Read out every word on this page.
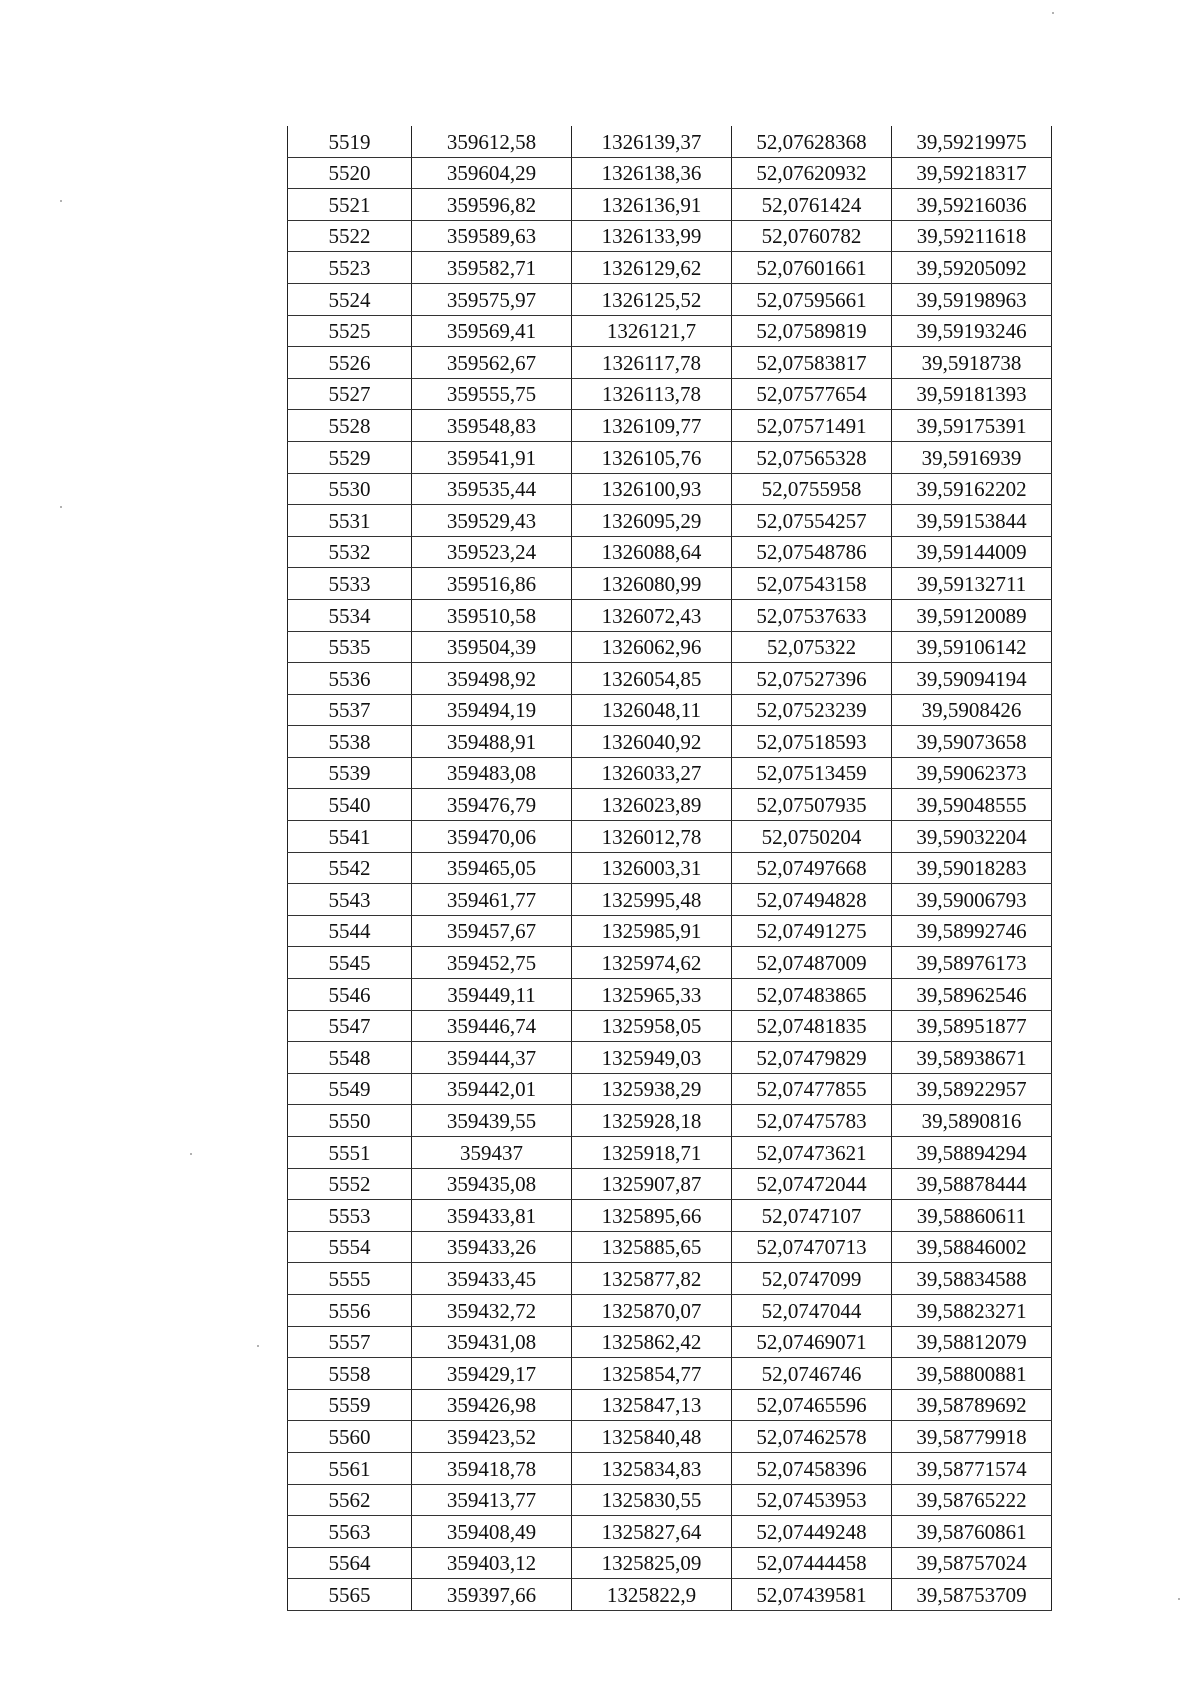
5519	359612,58	1326139,37	52,07628368	39,59219975
5520	359604,29	1326138,36	52,07620932	39,59218317
5521	359596,82	1326136,91	52,0761424	39,59216036
5522	359589,63	1326133,99	52,0760782	39,59211618
5523	359582,71	1326129,62	52,07601661	39,59205092
5524	359575,97	1326125,52	52,07595661	39,59198963
5525	359569,41	1326121,7	52,07589819	39,59193246
5526	359562,67	1326117,78	52,07583817	39,5918738
5527	359555,75	1326113,78	52,07577654	39,59181393
5528	359548,83	1326109,77	52,07571491	39,59175391
5529	359541,91	1326105,76	52,07565328	39,5916939
5530	359535,44	1326100,93	52,0755958	39,59162202
5531	359529,43	1326095,29	52,07554257	39,59153844
5532	359523,24	1326088,64	52,07548786	39,59144009
5533	359516,86	1326080,99	52,07543158	39,59132711
5534	359510,58	1326072,43	52,07537633	39,59120089
5535	359504,39	1326062,96	52,075322	39,59106142
5536	359498,92	1326054,85	52,07527396	39,59094194
5537	359494,19	1326048,11	52,07523239	39,5908426
5538	359488,91	1326040,92	52,07518593	39,59073658
5539	359483,08	1326033,27	52,07513459	39,59062373
5540	359476,79	1326023,89	52,07507935	39,59048555
5541	359470,06	1326012,78	52,0750204	39,59032204
5542	359465,05	1326003,31	52,07497668	39,59018283
5543	359461,77	1325995,48	52,07494828	39,59006793
5544	359457,67	1325985,91	52,07491275	39,58992746
5545	359452,75	1325974,62	52,07487009	39,58976173
5546	359449,11	1325965,33	52,07483865	39,58962546
5547	359446,74	1325958,05	52,07481835	39,58951877
5548	359444,37	1325949,03	52,07479829	39,58938671
5549	359442,01	1325938,29	52,07477855	39,58922957
5550	359439,55	1325928,18	52,07475783	39,5890816
5551	359437	1325918,71	52,07473621	39,58894294
5552	359435,08	1325907,87	52,07472044	39,58878444
5553	359433,81	1325895,66	52,0747107	39,58860611
5554	359433,26	1325885,65	52,07470713	39,58846002
5555	359433,45	1325877,82	52,0747099	39,58834588
5556	359432,72	1325870,07	52,0747044	39,58823271
5557	359431,08	1325862,42	52,07469071	39,58812079
5558	359429,17	1325854,77	52,0746746	39,58800881
5559	359426,98	1325847,13	52,07465596	39,58789692
5560	359423,52	1325840,48	52,07462578	39,58779918
5561	359418,78	1325834,83	52,07458396	39,58771574
5562	359413,77	1325830,55	52,07453953	39,58765222
5563	359408,49	1325827,64	52,07449248	39,58760861
5564	359403,12	1325825,09	52,07444458	39,58757024
5565	359397,66	1325822,9	52,07439581	39,58753709
